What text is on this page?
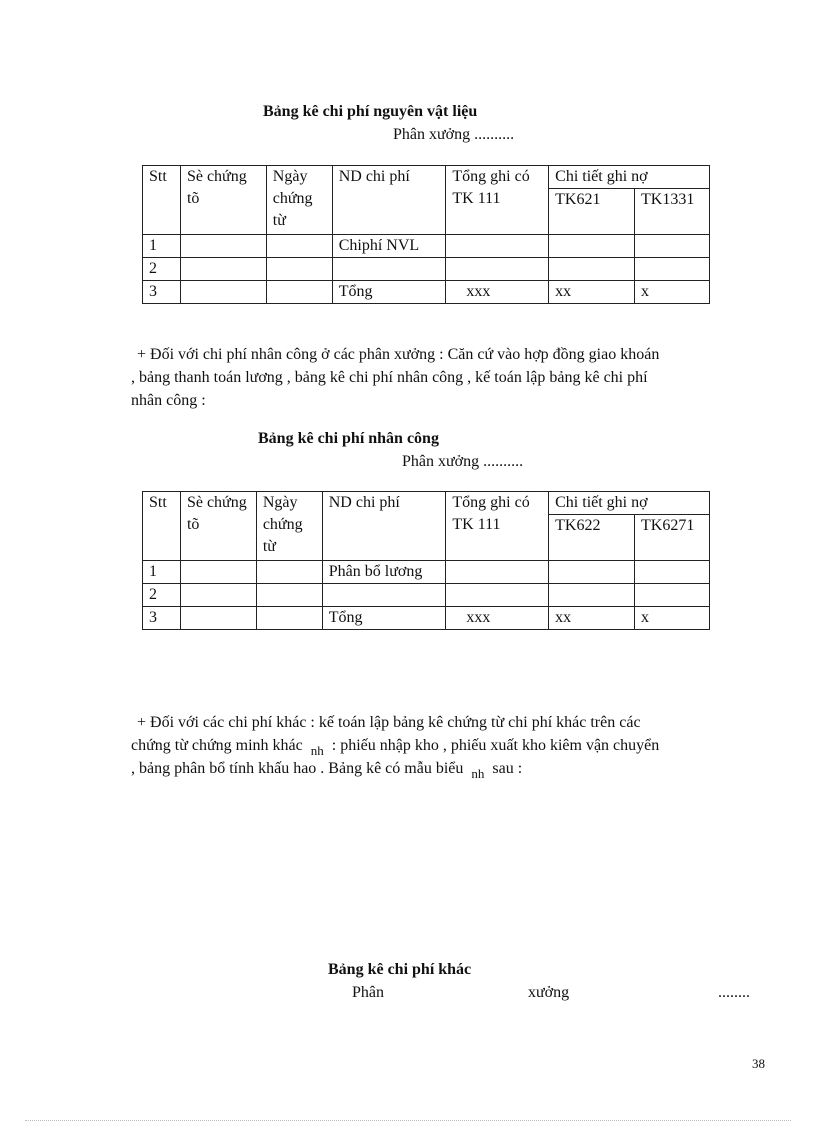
Bảng kê chi phí nguyên vật liệu
Phân xưởng ..........
Stt	Sè chứng tõ	Ngày chứng từ	ND chi phí	Tổng ghi có TK 111	Chi tiết ghi nợ	
					TK621	TK1331
1			Chiphí NVL			
2						
3			Tổng	xxx	xx	x
+ Đối với chi phí nhân công ở các phân xưởng : Căn cứ vào hợp đồng giao khoán
, bảng thanh toán lương , bảng kê chi phí nhân công , kế toán lập bảng kê chi phí
nhân công :
Bảng kê chi phí nhân công
Phân xưởng ..........
Stt	Sè chứng tõ	Ngày chứng từ	ND chi phí	Tổng ghi có TK 111	Chi tiết ghi nợ	
					TK622	TK6271
1			Phân bổ lương			
2						
3			Tổng	xxx	xx	x
+ Đối với các chi phí khác : kế toán lập bảng kê chứng từ chi phí khác trên các
chứng từ chứng minh khác $_{nh}$ : phiếu nhập kho , phiếu xuất kho kiêm vận chuyển
, bảng phân bổ tính khấu hao . Bảng kê có mẫu biểu $_{nh}$ sau :
Bảng kê chi phí khác
Phân	xưởng	........
38
